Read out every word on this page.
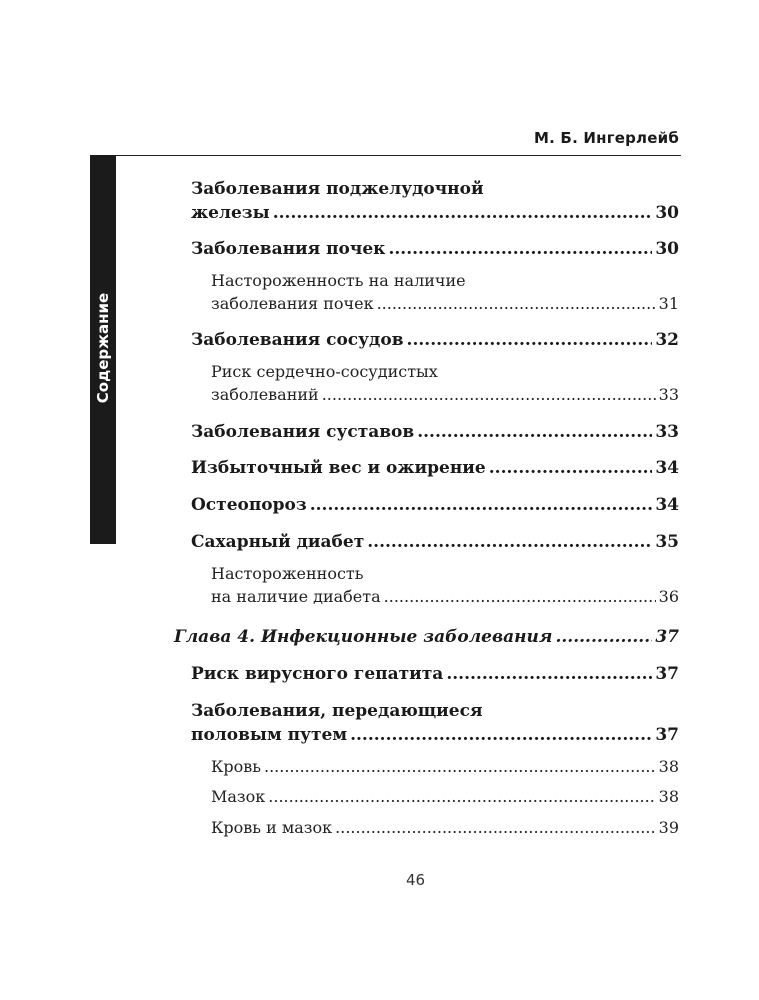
М. Б. Ингерлейб
Содержание
Заболевания поджелудочной
железы .....	30
Заболевания почек .....	30
Настороженность на наличие
заболевания почек .....	31
Заболевания сосудов .....	32
Риск сердечно-сосудистых
заболеваний .....	33
Заболевания суставов .....	33
Избыточный вес и ожирение .....	34
Остеопороз .....	34
Сахарный диабет .....	35
Настороженность
на наличие диабета .....	36
Глава 4. Инфекционные заболевания .....	37
Риск вирусного гепатита .....	37
Заболевания, передающиеся
половым путем .....	37
Кровь .....	38
Мазок .....	38
Кровь и мазок .....	39
46
